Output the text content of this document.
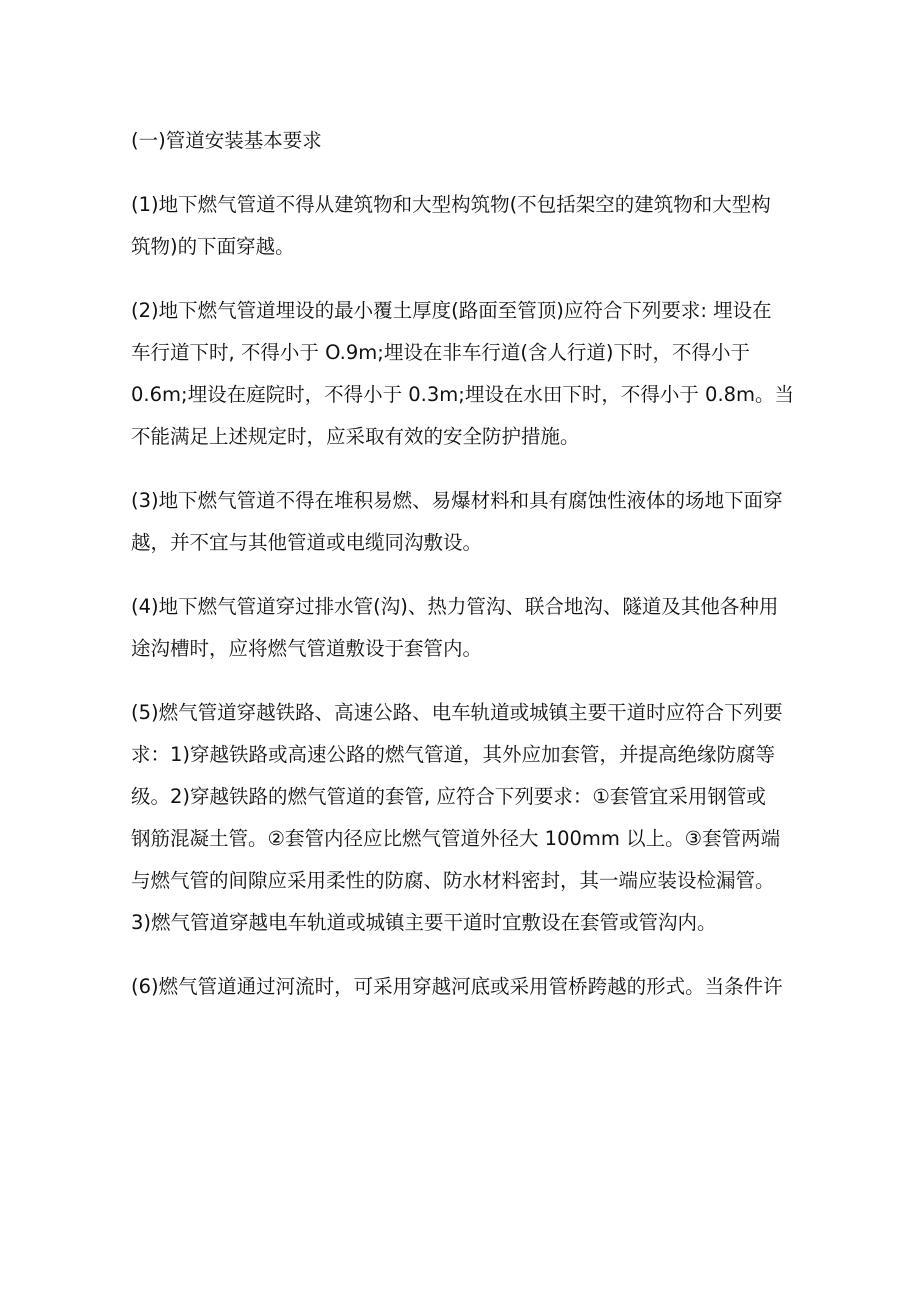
(一)管道安装基本要求
(1)地下燃气管道不得从建筑物和大型构筑物(不包括架空的建筑物和大型构
筑物)的下面穿越。
(2)地下燃气管道埋设的最小覆土厚度(路面至管顶)应符合下列要求: 埋设在
车行道下时, 不得小于 O.9m;埋设在非车行道(含人行道)下时，不得小于
0.6m;埋设在庭院时，不得小于 0.3m;埋设在水田下时，不得小于 0.8m。当
不能满足上述规定时，应采取有效的安全防护措施。
(3)地下燃气管道不得在堆积易燃、易爆材料和具有腐蚀性液体的场地下面穿
越，并不宜与其他管道或电缆同沟敷设。
(4)地下燃气管道穿过排水管(沟)、热力管沟、联合地沟、隧道及其他各种用
途沟槽时，应将燃气管道敷设于套管内。
(5)燃气管道穿越铁路、高速公路、电车轨道或城镇主要干道时应符合下列要
求：1)穿越铁路或高速公路的燃气管道，其外应加套管，并提高绝缘防腐等
级。2)穿越铁路的燃气管道的套管, 应符合下列要求：①套管宜采用钢管或
钢筋混凝土管。②套管内径应比燃气管道外径大 100mm 以上。③套管两端
与燃气管的间隙应采用柔性的防腐、防水材料密封，其一端应装设检漏管。
3)燃气管道穿越电车轨道或城镇主要干道时宜敷设在套管或管沟内。
(6)燃气管道通过河流时，可采用穿越河底或采用管桥跨越的形式。当条件许
